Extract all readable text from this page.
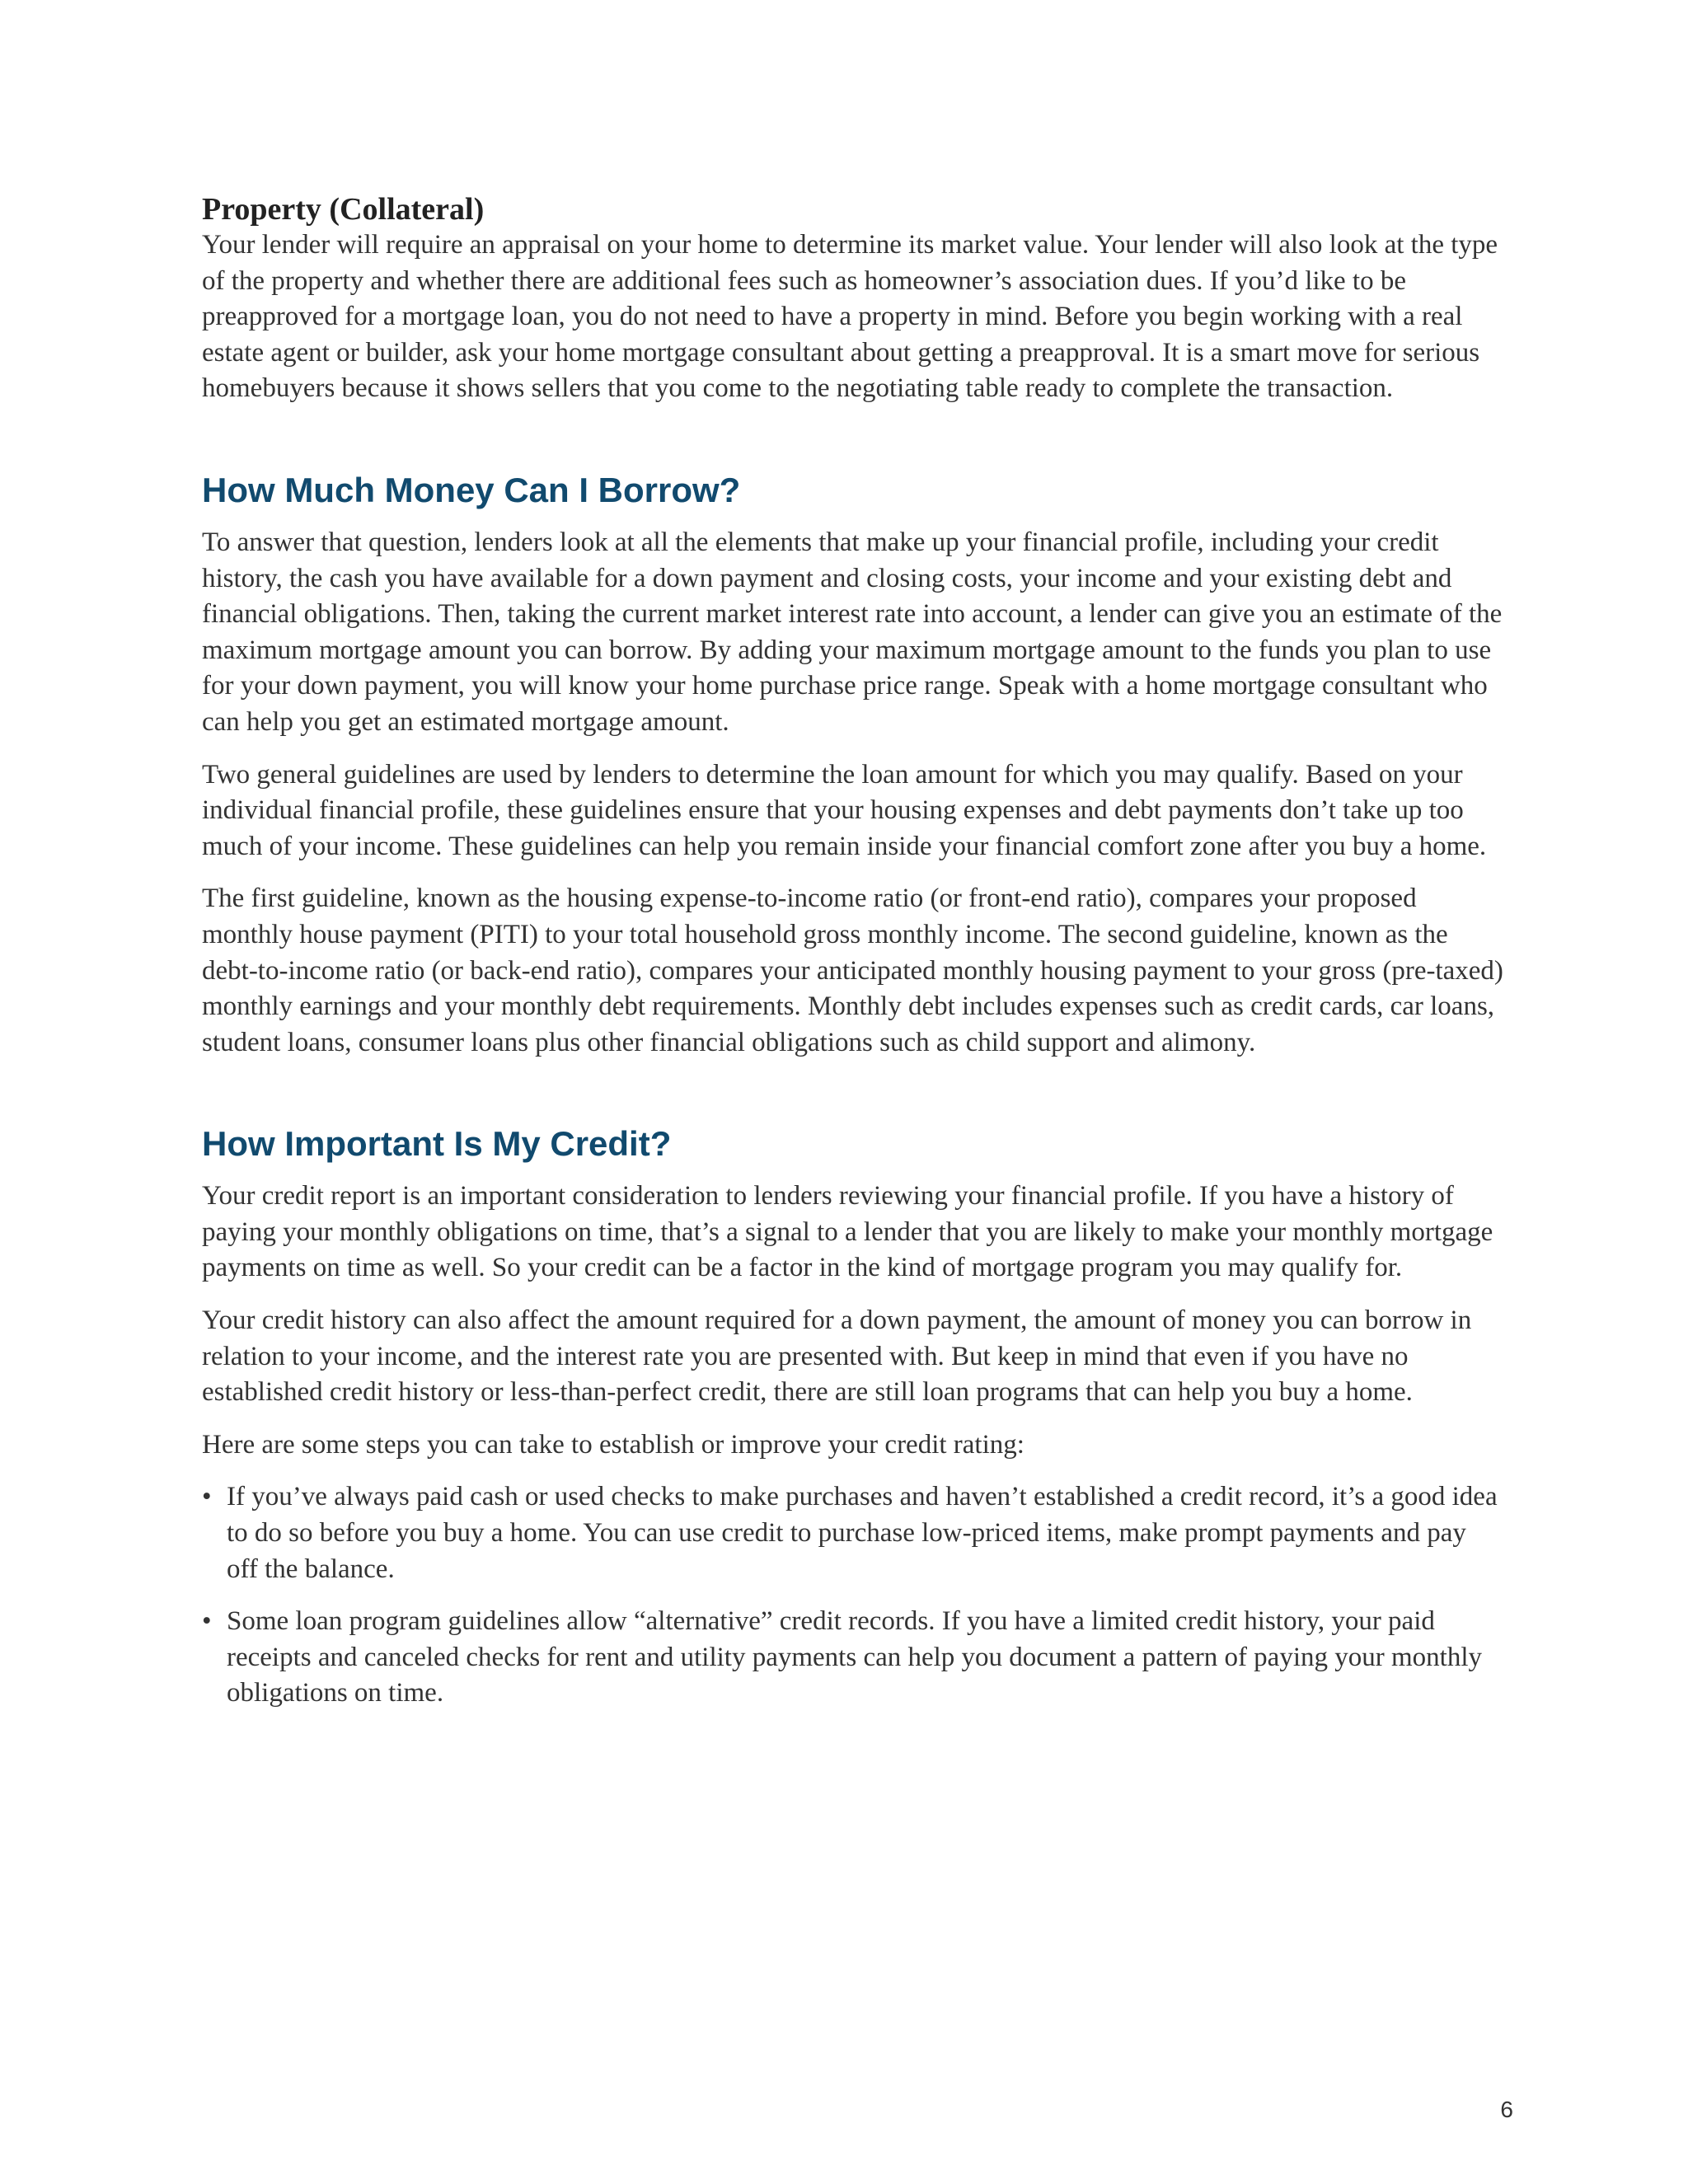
Property (Collateral)

Your lender will require an appraisal on your home to determine its market value. Your lender will also look at the type of the property and whether there are additional fees such as homeowner’s association dues. If you’d like to be preapproved for a mortgage loan, you do not need to have a property in mind. Before you begin working with a real estate agent or builder, ask your home mortgage consultant about getting a preapproval. It is a smart move for serious homebuyers because it shows sellers that you come to the negotiating table ready to complete the transaction.

How Much Money Can I Borrow?

To answer that question, lenders look at all the elements that make up your financial profile, including your credit history, the cash you have available for a down payment and closing costs, your income and your existing debt and financial obligations. Then, taking the current market interest rate into account, a lender can give you an estimate of the maximum mortgage amount you can borrow. By adding your maximum mortgage amount to the funds you plan to use for your down payment, you will know your home purchase price range. Speak with a home mortgage consultant who can help you get an estimated mortgage amount.

Two general guidelines are used by lenders to determine the loan amount for which you may qualify. Based on your individual financial profile, these guidelines ensure that your housing expenses and debt payments don’t take up too much of your income. These guidelines can help you remain inside your financial comfort zone after you buy a home.

The first guideline, known as the housing expense-to-income ratio (or front-end ratio), compares your proposed monthly house payment (PITI) to your total household gross monthly income. The second guideline, known as the debt-to-income ratio (or back-end ratio), compares your anticipated monthly housing payment to your gross (pre-taxed) monthly earnings and your monthly debt requirements. Monthly debt includes expenses such as credit cards, car loans, student loans, consumer loans plus other financial obligations such as child support and alimony.

How Important Is My Credit?

Your credit report is an important consideration to lenders reviewing your financial profile. If you have a history of paying your monthly obligations on time, that’s a signal to a lender that you are likely to make your monthly mortgage payments on time as well. So your credit can be a factor in the kind of mortgage program you may qualify for.

Your credit history can also affect the amount required for a down payment, the amount of money you can borrow in relation to your income, and the interest rate you are presented with. But keep in mind that even if you have no established credit history or less-than-perfect credit, there are still loan programs that can help you buy a home.

Here are some steps you can take to establish or improve your credit rating:

• If you’ve always paid cash or used checks to make purchases and haven’t established a credit record, it’s a good idea to do so before you buy a home. You can use credit to purchase low-priced items, make prompt payments and pay off the balance.
• Some loan program guidelines allow “alternative” credit records. If you have a limited credit history, your paid receipts and canceled checks for rent and utility payments can help you document a pattern of paying your monthly obligations on time.
6
